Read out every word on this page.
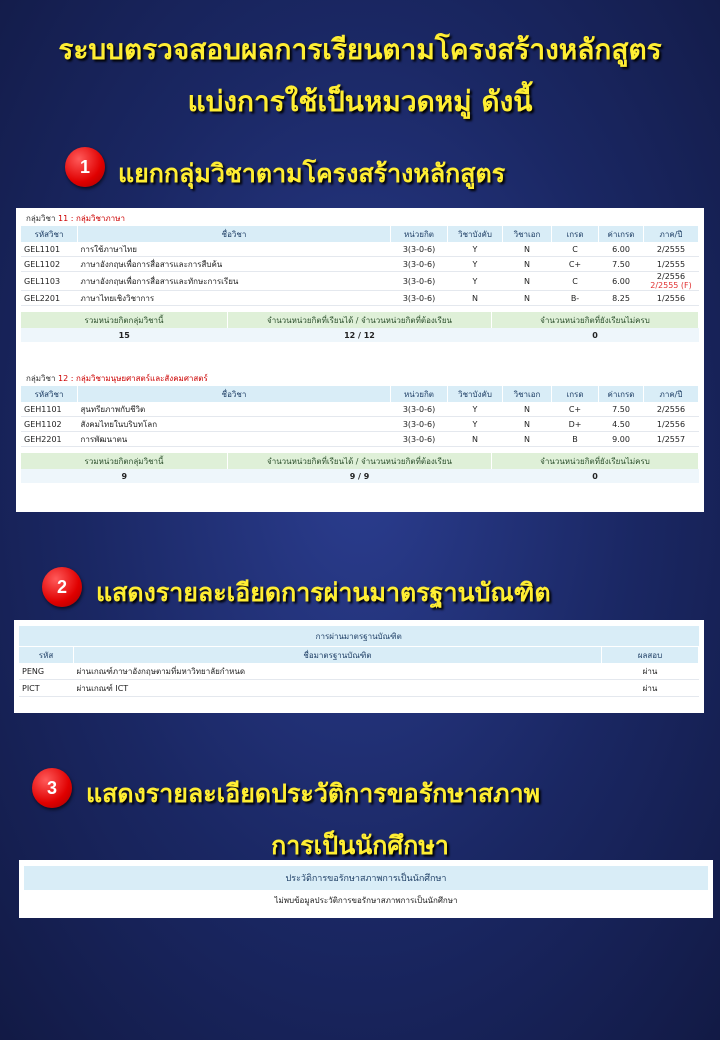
ระบบตรวจสอบผลการเรียนตามโครงสร้างหลักสูตร
แบ่งการใช้เป็นหมวดหมู่ ดังนี้
1	แยกกลุ่มวิชาตามโครงสร้างหลักสูตร
กลุ่มวิชา 11 : กลุ่มวิชาภาษา
รหัสวิชา	ชื่อวิชา	หน่วยกิต	วิชาบังคับ	วิชาเอก	เกรด	ค่าเกรด	ภาค/ปี
GEL1101	การใช้ภาษาไทย	3(3-0-6)	Y	N	C	6.00	2/2555

GEL1102	ภาษาอังกฤษเพื่อการสื่อสารและการสืบค้น	3(3-0-6)	Y	N	C+	7.50	1/2555

GEL1103	ภาษาอังกฤษเพื่อการสื่อสารและทักษะการเรียน	3(3-0-6)	Y	N	C	6.00	2/2556
2/2555 (F)

GEL2201	ภาษาไทยเชิงวิชาการ	3(3-0-6)	N	N	B-	8.25	1/2556
รวมหน่วยกิตกลุ่มวิชานี้	จำนวนหน่วยกิตที่เรียนได้ / จำนวนหน่วยกิตที่ต้องเรียน	จำนวนหน่วยกิตที่ยังเรียนไม่ครบ
15	12 / 12	0
กลุ่มวิชา 12 : กลุ่มวิชามนุษยศาสตร์และสังคมศาสตร์
รหัสวิชา	ชื่อวิชา	หน่วยกิต	วิชาบังคับ	วิชาเอก	เกรด	ค่าเกรด	ภาค/ปี
GEH1101	สุนทรียภาพกับชีวิต	3(3-0-6)	Y	N	C+	7.50	2/2556

GEH1102	สังคมไทยในบริบทโลก	3(3-0-6)	Y	N	D+	4.50	1/2556

GEH2201	การพัฒนาตน	3(3-0-6)	N	N	B	9.00	1/2557
รวมหน่วยกิตกลุ่มวิชานี้	จำนวนหน่วยกิตที่เรียนได้ / จำนวนหน่วยกิตที่ต้องเรียน	จำนวนหน่วยกิตที่ยังเรียนไม่ครบ
9	9 / 9	0
2	แสดงรายละเอียดการผ่านมาตรฐานบัณฑิต
การผ่านมาตรฐานบัณฑิต		
รหัส	ชื่อมาตรฐานบัณฑิต	ผลสอบ
PENG	ผ่านเกณฑ์ภาษาอังกฤษตามที่มหาวิทยาลัยกำหนด	ผ่าน
PICT	ผ่านเกณฑ์ ICT	ผ่าน
3	แสดงรายละเอียดประวัติการขอรักษาสภาพ
การเป็นนักศึกษา
ประวัติการขอรักษาสภาพการเป็นนักศึกษา
ไม่พบข้อมูลประวัติการขอรักษาสภาพการเป็นนักศึกษา
